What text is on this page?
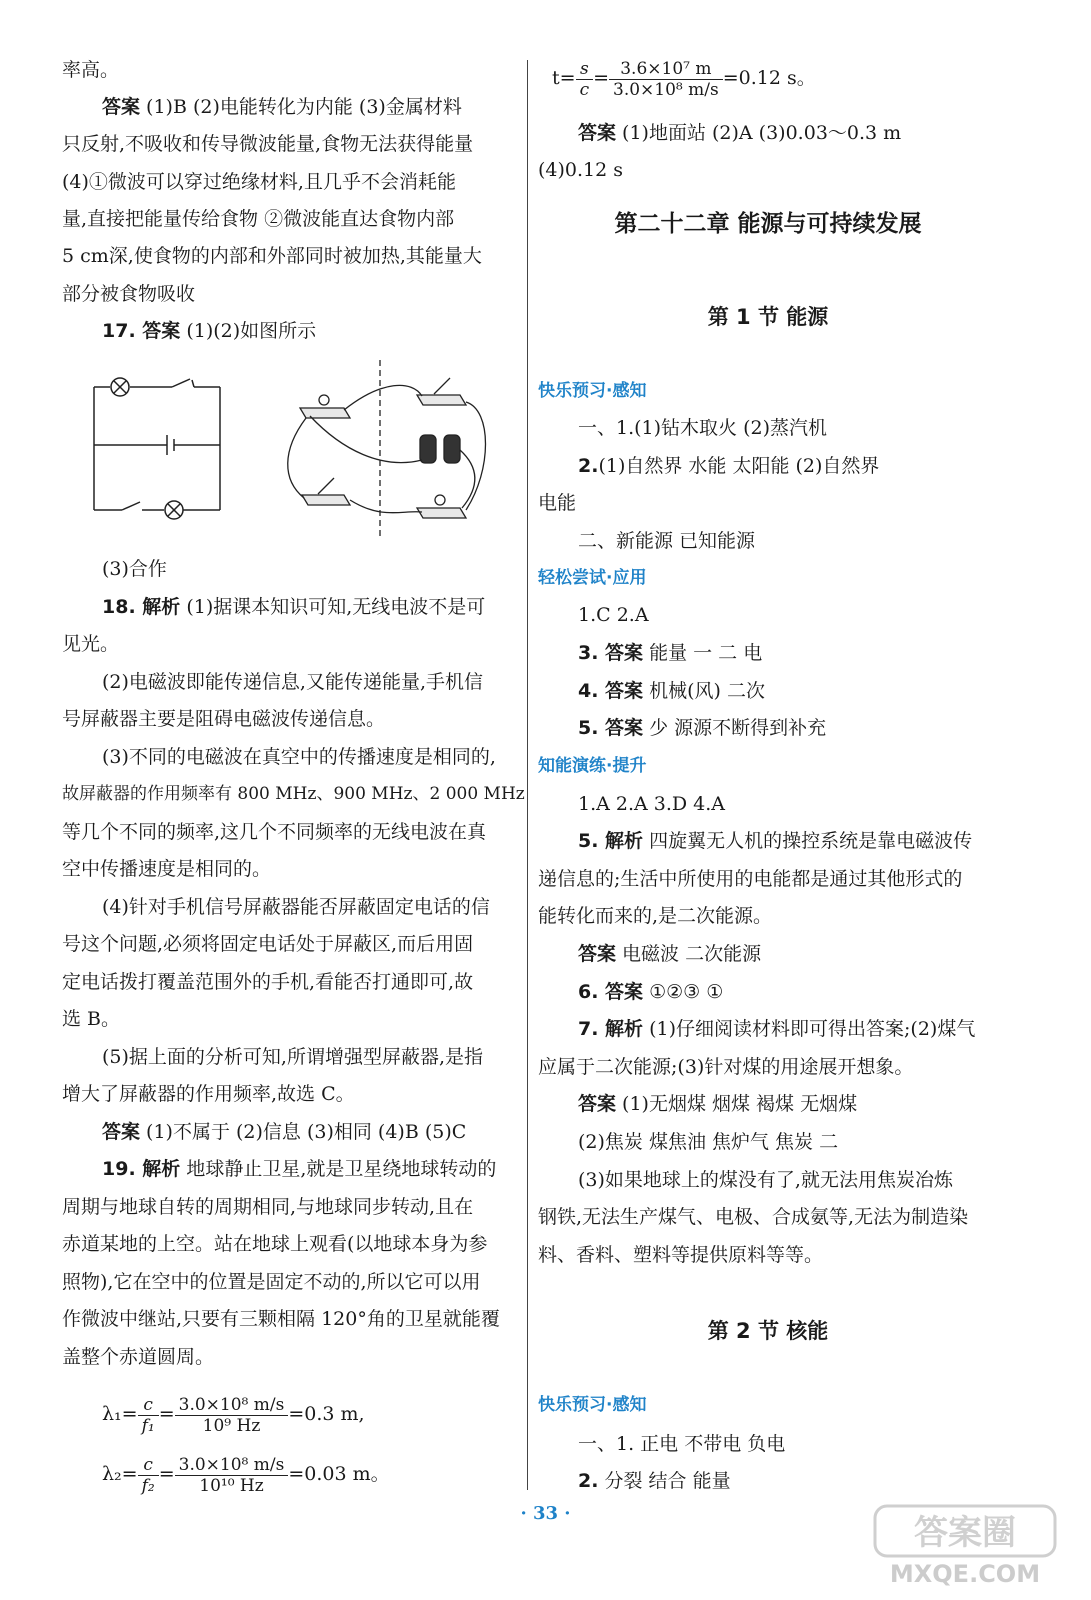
率高。
答案 (1)B (2)电能转化为内能 (3)金属材料
只反射,不吸收和传导微波能量,食物无法获得能量
(4)①微波可以穿过绝缘材料,且几乎不会消耗能
量,直接把能量传给食物 ②微波能直达食物内部
5 cm深,使食物的内部和外部同时被加热,其能量大
部分被食物吸收
17. 答案 (1)(2)如图所示
(3)合作
18. 解析 (1)据课本知识可知,无线电波不是可
见光。
(2)电磁波即能传递信息,又能传递能量,手机信
号屏蔽器主要是阻碍电磁波传递信息。
(3)不同的电磁波在真空中的传播速度是相同的,
故屏蔽器的作用频率有 800 MHz、900 MHz、2 000 MHz
等几个不同的频率,这几个不同频率的无线电波在真
空中传播速度是相同的。
(4)针对手机信号屏蔽器能否屏蔽固定电话的信
号这个问题,必须将固定电话处于屏蔽区,而后用固
定电话拨打覆盖范围外的手机,看能否打通即可,故
选 B。
(5)据上面的分析可知,所谓增强型屏蔽器,是指
增大了屏蔽器的作用频率,故选 C。
答案 (1)不属于 (2)信息 (3)相同 (4)B (5)C
19. 解析 地球静止卫星,就是卫星绕地球转动的
周期与地球自转的周期相同,与地球同步转动,且在
赤道某地的上空。站在地球上观看(以地球本身为参
照物),它在空中的位置是固定不动的,所以它可以用
作微波中继站,只要有三颗相隔 120°角的卫星就能覆
盖整个赤道圆周。
$\lambda_1= \frac{c}{\text{f₁}} = \frac{\text{3.0×10⁸ m/s}}{\text{10⁹ Hz}} =0.3$ m,
$\lambda_2= \frac{c}{\text{f₂}} = \frac{\text{3.0×10⁸ m/s}}{\text{10¹⁰ Hz}} =0.03$ m。
$t= \frac{s}{c} = \frac{\text{3.6×10⁷ m}}{\text{3.0×10⁸ m/s}} =0.12$ s。
答案 (1)地面站 (2)A (3)0.03～0.3 m
(4)0.12 s
第二十二章 能源与可持续发展
第 1 节 能源
快乐预习·感知
一、1.(1)钻木取火 (2)蒸汽机
2.(1)自然界 水能 太阳能 (2)自然界
电能
二、新能源 已知能源
轻松尝试·应用
1.C 2.A
3. 答案 能量 一 二 电
4. 答案 机械(风) 二次
5. 答案 少 源源不断得到补充
知能演练·提升
1.A 2.A 3.D 4.A
5. 解析 四旋翼无人机的操控系统是靠电磁波传
递信息的;生活中所使用的电能都是通过其他形式的
能转化而来的,是二次能源。
答案 电磁波 二次能源
6. 答案 ①②③ ①
7. 解析 (1)仔细阅读材料即可得出答案;(2)煤气
应属于二次能源;(3)针对煤的用途展开想象。
答案 (1)无烟煤 烟煤 褐煤 无烟煤
(2)焦炭 煤焦油 焦炉气 焦炭 二
(3)如果地球上的煤没有了,就无法用焦炭冶炼
钢铁,无法生产煤气、电极、合成氨等,无法为制造染
料、香料、塑料等提供原料等等。
第 2 节 核能
快乐预习·感知
一、1. 正电 不带电 负电
2. 分裂 结合 能量
· 33 ·	答案圈
MXQE.COM
